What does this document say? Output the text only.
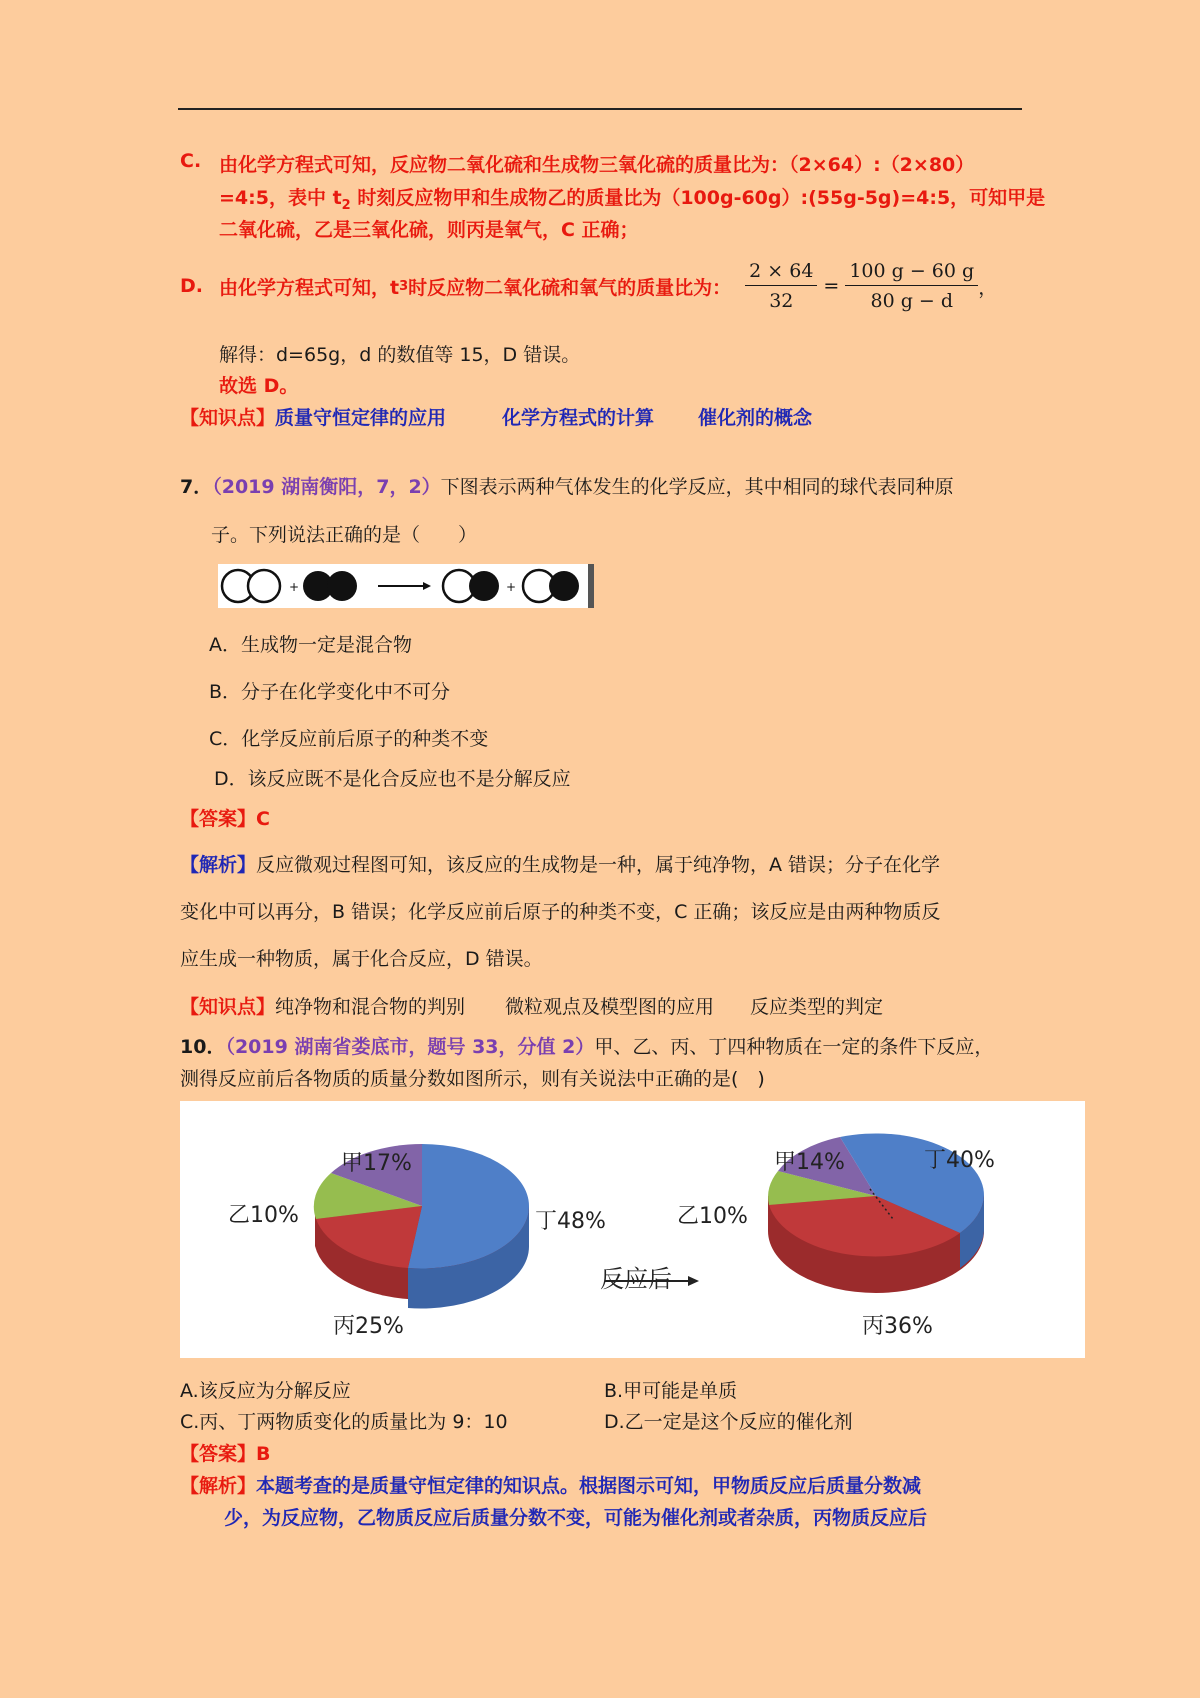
C. 由化学方程式可知，反应物二氧化硫和生成物三氧化硫的质量比为：（2×64）:（2×80）
=4:5，表中 $t_2$ 时刻反应物甲和生成物乙的质量比为（100g-60g）:(55g-5g)=4:5，可知甲是
二氧化硫，乙是三氧化硫，则丙是氧气，C 正确；
D. 由化学方程式可知，t 3 时反应物二氧化硫和氧气的质量比为： $\frac{2 \times 64}{32} = \frac{100 g - 60 g}{80 g - d}$ ，
解得：d=65g，d 的数值等 15，D 错误。
故选 D。
【知识点】质量守恒定律的应用	化学方程式的计算 催化剂的概念
7．（2019 湖南衡阳，7，2）下图表示两种气体发生的化学反应，其中相同的球代表同种原
子。下列说法正确的是（　　）
+	+
A．生成物一定是混合物
B．分子在化学变化中不可分
C．化学反应前后原子的种类不变
D．该反应既不是化合反应也不是分解反应
【答案】C
【解析】反应微观过程图可知，该反应的生成物是一种，属于纯净物，A 错误；分子在化学
变化中可以再分，B 错误；化学反应前后原子的种类不变，C 正确；该反应是由两种物质反
应生成一种物质，属于化合反应，D 错误。
【知识点】纯净物和混合物的判别 微粒观点及模型图的应用 反应类型的判定
10．（2019 湖南省娄底市，题号 33，分值 2）甲、乙、丙、丁四种物质在一定的条件下反应，
测得反应前后各物质的质量分数如图所示，则有关说法中正确的是(　)
甲17%
乙10%	丁48%
丙25%
反应后
甲14%
乙10%
丁40%
丙36%
A.该反应为分解反应	B.甲可能是单质
C.丙、丁两物质变化的质量比为 9：10	D.乙一定是这个反应的催化剂
【答案】B
【解析】本题考查的是质量守恒定律的知识点。根据图示可知，甲物质反应后质量分数减
少，为反应物，乙物质反应后质量分数不变，可能为催化剂或者杂质，丙物质反应后
